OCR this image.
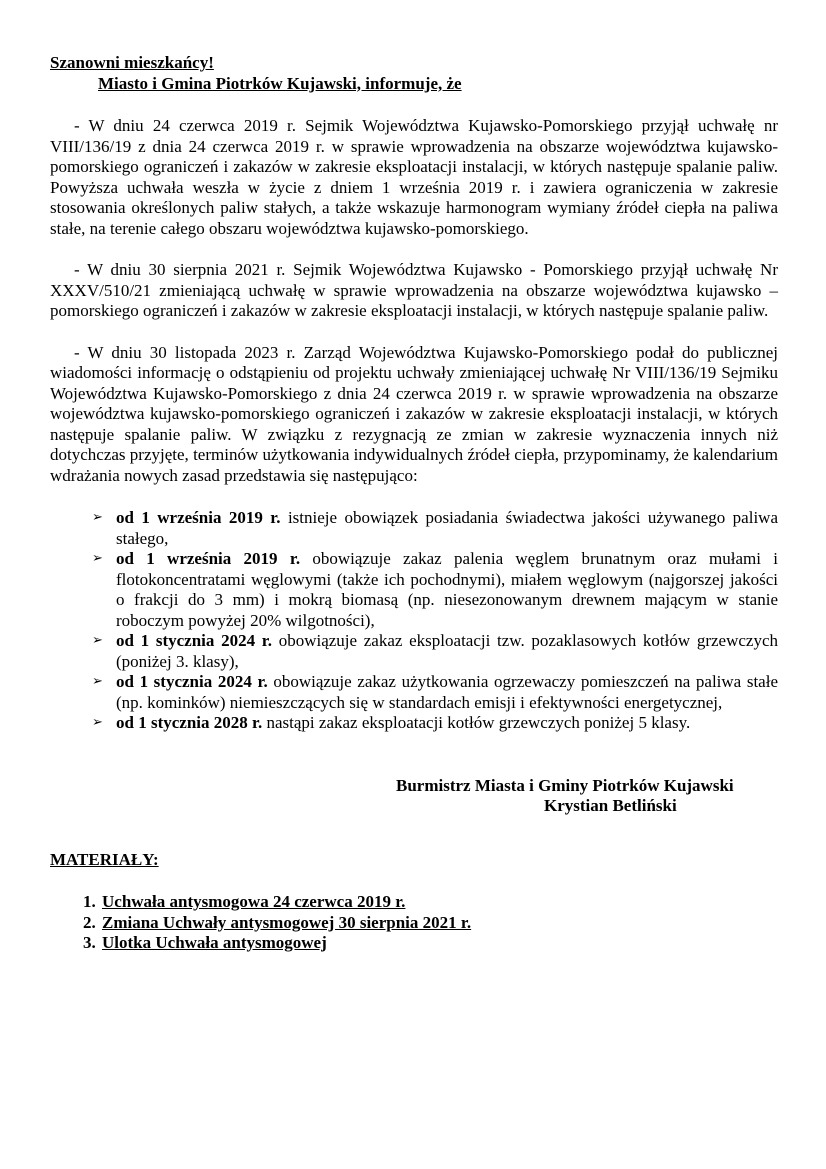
Szanowni mieszkańcy!
Miasto i Gmina Piotrków Kujawski, informuje, że

- W dniu 24 czerwca 2019 r. Sejmik Województwa Kujawsko-Pomorskiego przyjął uchwałę nr VIII/136/19 z dnia 24 czerwca 2019 r. w sprawie wprowadzenia na obszarze województwa kujawsko-pomorskiego ograniczeń i zakazów w zakresie eksploatacji instalacji, w których następuje spalanie paliw. Powyższa uchwała weszła w życie z dniem 1 września 2019 r. i zawiera ograniczenia w zakresie stosowania określonych paliw stałych, a także wskazuje harmonogram wymiany źródeł ciepła na paliwa stałe, na terenie całego obszaru województwa kujawsko-pomorskiego.

- W dniu 30 sierpnia 2021 r. Sejmik Województwa Kujawsko - Pomorskiego przyjął uchwałę Nr XXXV/510/21 zmieniającą uchwałę w sprawie wprowadzenia na obszarze województwa kujawsko – pomorskiego ograniczeń i zakazów w zakresie eksploatacji instalacji, w których następuje spalanie paliw.

- W dniu 30 listopada 2023 r. Zarząd Województwa Kujawsko-Pomorskiego podał do publicznej wiadomości informację o odstąpieniu od projektu uchwały zmieniającej uchwałę Nr VIII/136/19 Sejmiku Województwa Kujawsko-Pomorskiego z dnia 24 czerwca 2019 r. w sprawie wprowadzenia na obszarze województwa kujawsko-pomorskiego ograniczeń i zakazów w zakresie eksploatacji instalacji, w których następuje spalanie paliw. W związku z rezygnacją ze zmian w zakresie wyznaczenia innych niż dotychczas przyjęte, terminów użytkowania indywidualnych źródeł ciepła, przypominamy, że kalendarium wdrażania nowych zasad przedstawia się następująco:

➢ od 1 września 2019 r. istnieje obowiązek posiadania świadectwa jakości używanego paliwa stałego,
➢ od 1 września 2019 r. obowiązuje zakaz palenia węglem brunatnym oraz mułami i flotokoncentratami węglowymi (także ich pochodnymi), miałem węglowym (najgorszej jakości o frakcji do 3 mm) i mokrą biomasą (np. niesezonowanym drewnem mającym w stanie roboczym powyżej 20% wilgotności),
➢ od 1 stycznia 2024 r. obowiązuje zakaz eksploatacji tzw. pozaklasowych kotłów grzewczych (poniżej 3. klasy),
➢ od 1 stycznia 2024 r. obowiązuje zakaz użytkowania ogrzewaczy pomieszczeń na paliwa stałe (np. kominków) niemieszczących się w standardach emisji i efektywności energetycznej,
➢ od 1 stycznia 2028 r. nastąpi zakaz eksploatacji kotłów grzewczych poniżej 5 klasy.
Burmistrz Miasta i Gminy Piotrków Kujawski
Krystian Betliński
MATERIAŁY:
1. Uchwała antysmogowa 24 czerwca 2019 r.
2. Zmiana Uchwały antysmogowej 30 sierpnia 2021 r.
3. Ulotka Uchwała antysmogowej
